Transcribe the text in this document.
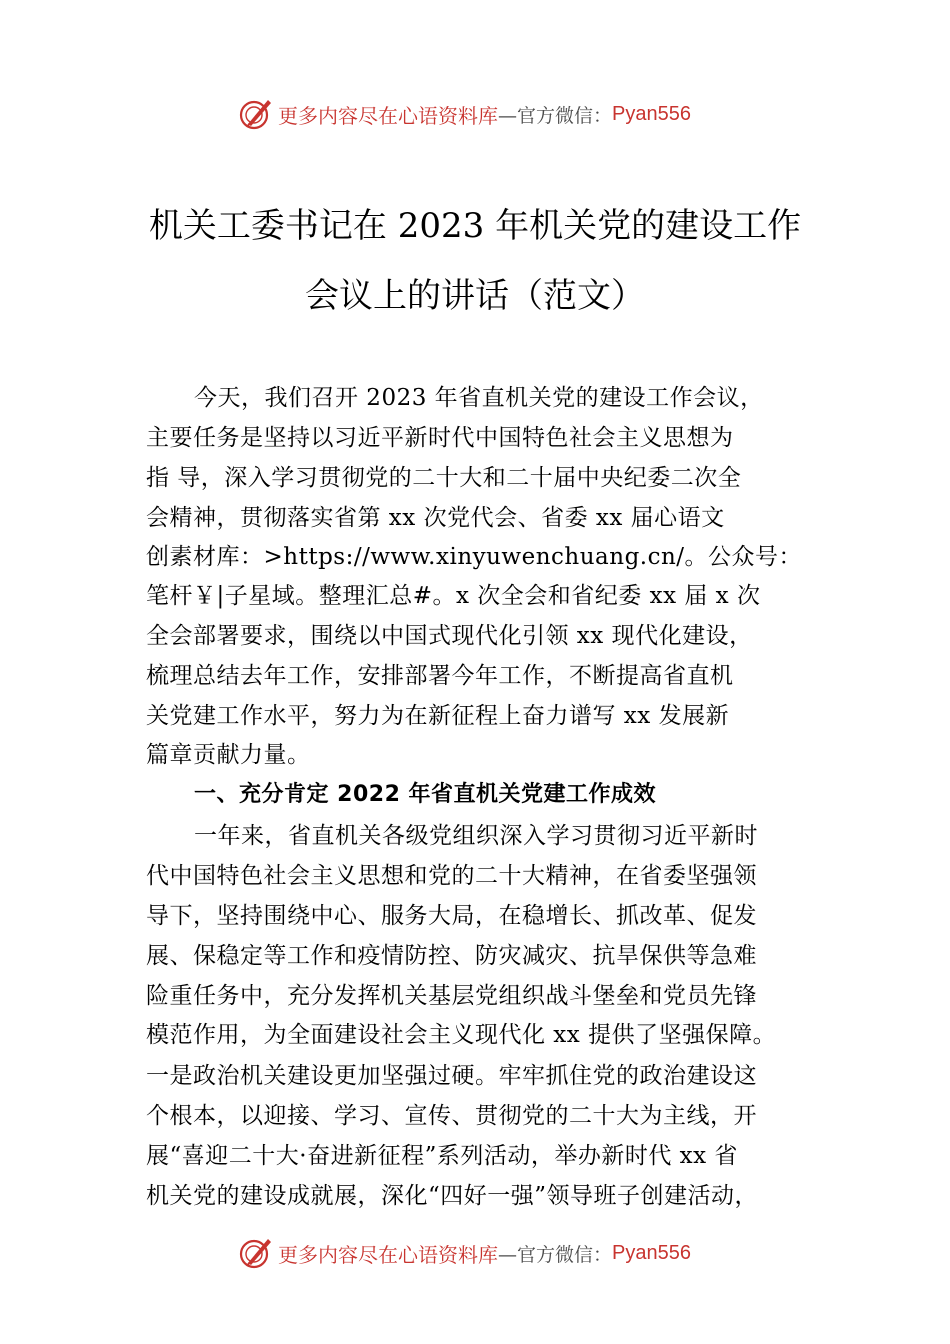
更多内容尽在心语资料库 —官方微信： Pyan556
机关工委书记在 2023 年机关党的建设工作
会议上的讲话（范文）
今天，我们召开 2023 年省直机关党的建设工作会议，
主要任务是坚持以习近平新时代中国特色社会主义思想为
指 导，深入学习贯彻党的二十大和二十届中央纪委二次全
会精神，贯彻落实省第 xx 次党代会、省委 xx 届心语文
创素材库：>https://www.xinyuwenchuang.cn/。公众号：
笔杆￥|子星域。整理汇总#。x 次全会和省纪委 xx 届 x 次
全会部署要求，围绕以中国式现代化引领 xx 现代化建设，
梳理总结去年工作，安排部署今年工作，不断提高省直机
关党建工作水平，努力为在新征程上奋力谱写 xx 发展新
篇章贡献力量。
一、充分肯定 2022 年省直机关党建工作成效
一年来，省直机关各级党组织深入学习贯彻习近平新时
代中国特色社会主义思想和党的二十大精神，在省委坚强领
导下，坚持围绕中心、服务大局，在稳增长、抓改革、促发
展、保稳定等工作和疫情防控、防灾减灾、抗旱保供等急难
险重任务中，充分发挥机关基层党组织战斗堡垒和党员先锋
模范作用，为全面建设社会主义现代化 xx 提供了坚强保障。
一是政治机关建设更加坚强过硬。牢牢抓住党的政治建设这
个根本，以迎接、学习、宣传、贯彻党的二十大为主线，开
展“喜迎二十大·奋进新征程”系列活动，举办新时代 xx 省
机关党的建设成就展，深化“四好一强”领导班子创建活动，
更多内容尽在心语资料库 —官方微信： Pyan556
